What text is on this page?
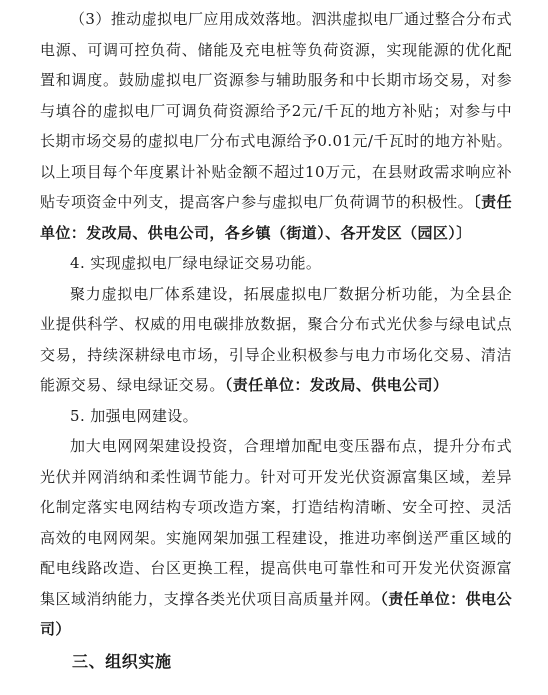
（3）推动虚拟电厂应用成效落地。泗洪虚拟电厂通过整合分布式电源、可调可控负荷、储能及充电桩等负荷资源，实现能源的优化配置和调度。鼓励虚拟电厂资源参与辅助服务和中长期市场交易，对参与填谷的虚拟电厂可调负荷资源给予2元/千瓦的地方补贴；对参与中长期市场交易的虚拟电厂分布式电源给予0.01元/千瓦时的地方补贴。以上项目每个年度累计补贴金额不超过10万元，在县财政需求响应补贴专项资金中列支，提高客户参与虚拟电厂负荷调节的积极性。〔责任单位：发改局、供电公司，各乡镇（街道）、各开发区（园区）〕

4. 实现虚拟电厂绿电绿证交易功能。

聚力虚拟电厂体系建设，拓展虚拟电厂数据分析功能，为全县企业提供科学、权威的用电碳排放数据，聚合分布式光伏参与绿电试点交易，持续深耕绿电市场，引导企业积极参与电力市场化交易、清洁能源交易、绿电绿证交易。（责任单位：发改局、供电公司）

5. 加强电网建设。

加大电网网架建设投资，合理增加配电变压器布点，提升分布式光伏并网消纳和柔性调节能力。针对可开发光伏资源富集区域，差异化制定落实电网结构专项改造方案，打造结构清晰、安全可控、灵活高效的电网网架。实施网架加强工程建设，推进功率倒送严重区域的配电线路改造、台区更换工程，提高供电可靠性和可开发光伏资源富集区域消纳能力，支撑各类光伏项目高质量并网。（责任单位：供电公司）

三、组织实施
